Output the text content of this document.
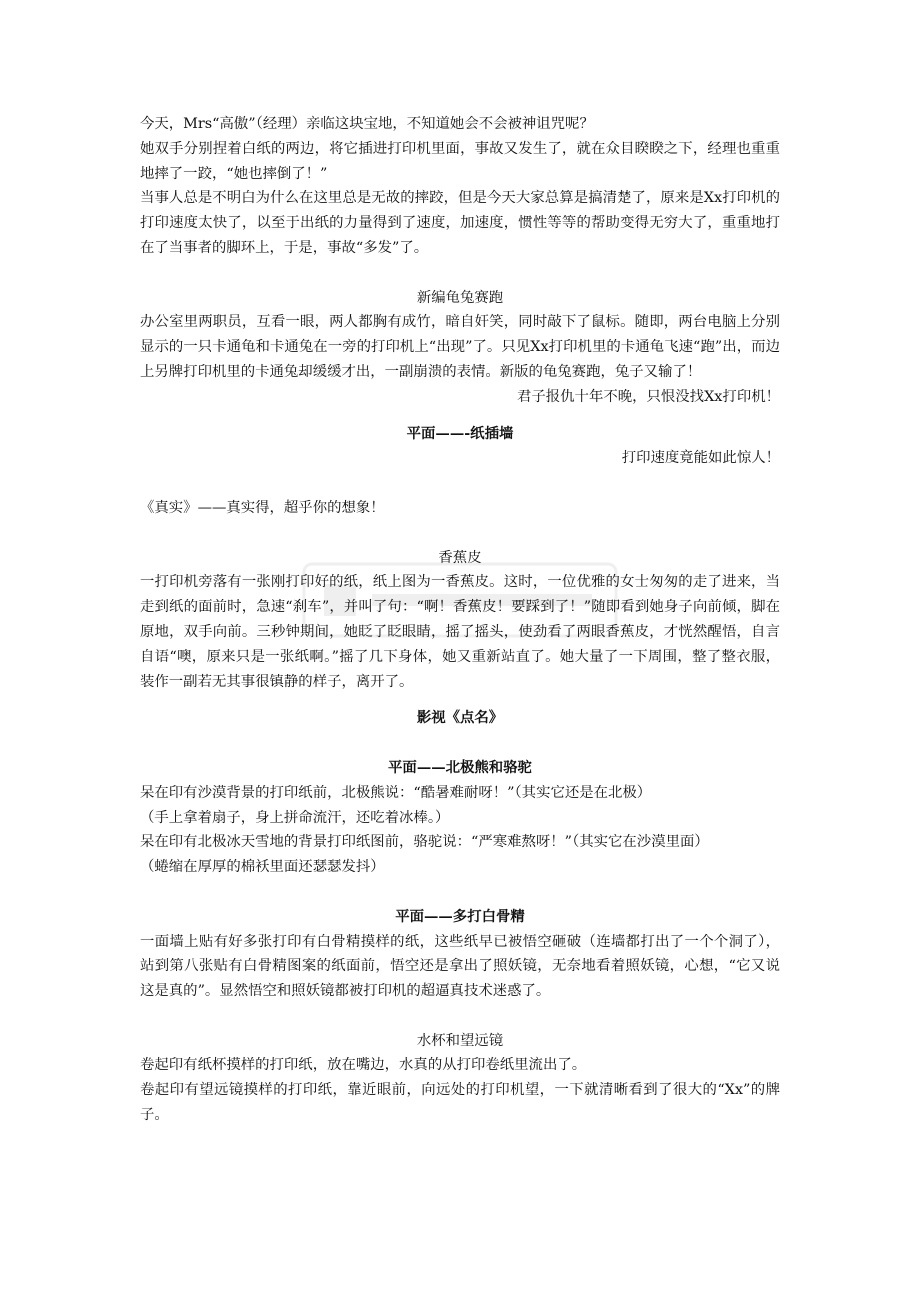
今天，Mrs“高傲”（经理）亲临这块宝地，不知道她会不会被神诅咒呢？

她双手分别捏着白纸的两边，将它插进打印机里面，事故又发生了，就在众目睽睽之下，经理也重重地摔了一跤，“她也摔倒了！”

当事人总是不明白为什么在这里总是无故的摔跤，但是今天大家总算是搞清楚了，原来是Xx打印机的打印速度太快了，以至于出纸的力量得到了速度，加速度，惯性等等的帮助变得无穷大了，重重地打在了当事者的脚环上，于是，事故“多发”了。

新编龟兔赛跑

办公室里两职员，互看一眼，两人都胸有成竹，暗自奸笑，同时敲下了鼠标。随即，两台电脑上分别显示的一只卡通龟和卡通兔在一旁的打印机上“出现”了。只见Xx打印机里的卡通龟飞速“跑”出，而边上另牌打印机里的卡通兔却缓缓才出，一副崩溃的表情。新版的龟兔赛跑，兔子又输了！

君子报仇十年不晚，只恨没找Xx打印机！

平面——-纸插墙

打印速度竟能如此惊人！

《真实》——真实得，超乎你的想象！

香蕉皮

一打印机旁落有一张刚打印好的纸，纸上图为一香蕉皮。这时，一位优雅的女士匆匆的走了进来，当走到纸的面前时，急速“刹车”，并叫了句：“啊！香蕉皮！要踩到了！”随即看到她身子向前倾，脚在原地，双手向前。三秒钟期间，她眨了眨眼睛，摇了摇头，使劲看了两眼香蕉皮，才恍然醒悟，自言自语“噢，原来只是一张纸啊。”摇了几下身体，她又重新站直了。她大量了一下周围，整了整衣服，装作一副若无其事很镇静的样子，离开了。

影视《点名》

平面——北极熊和骆驼

呆在印有沙漠背景的打印纸前，北极熊说：“酷暑难耐呀！”（其实它还是在北极）

（手上拿着扇子，身上拼命流汗，还吃着冰棒。）

呆在印有北极冰天雪地的背景打印纸图前，骆驼说：“严寒难熬呀！”（其实它在沙漠里面）

（蜷缩在厚厚的棉袄里面还瑟瑟发抖）

平面——多打白骨精

一面墙上贴有好多张打印有白骨精摸样的纸，这些纸早已被悟空砸破（连墙都打出了一个个洞了），站到第八张贴有白骨精图案的纸面前，悟空还是拿出了照妖镜，无奈地看着照妖镜，心想，“它又说这是真的”。显然悟空和照妖镜都被打印机的超逼真技术迷惑了。

水杯和望远镜

卷起印有纸杯摸样的打印纸，放在嘴边，水真的从打印卷纸里流出了。

卷起印有望远镜摸样的打印纸，靠近眼前，向远处的打印机望，一下就清晰看到了很大的“Xx”的牌子。
